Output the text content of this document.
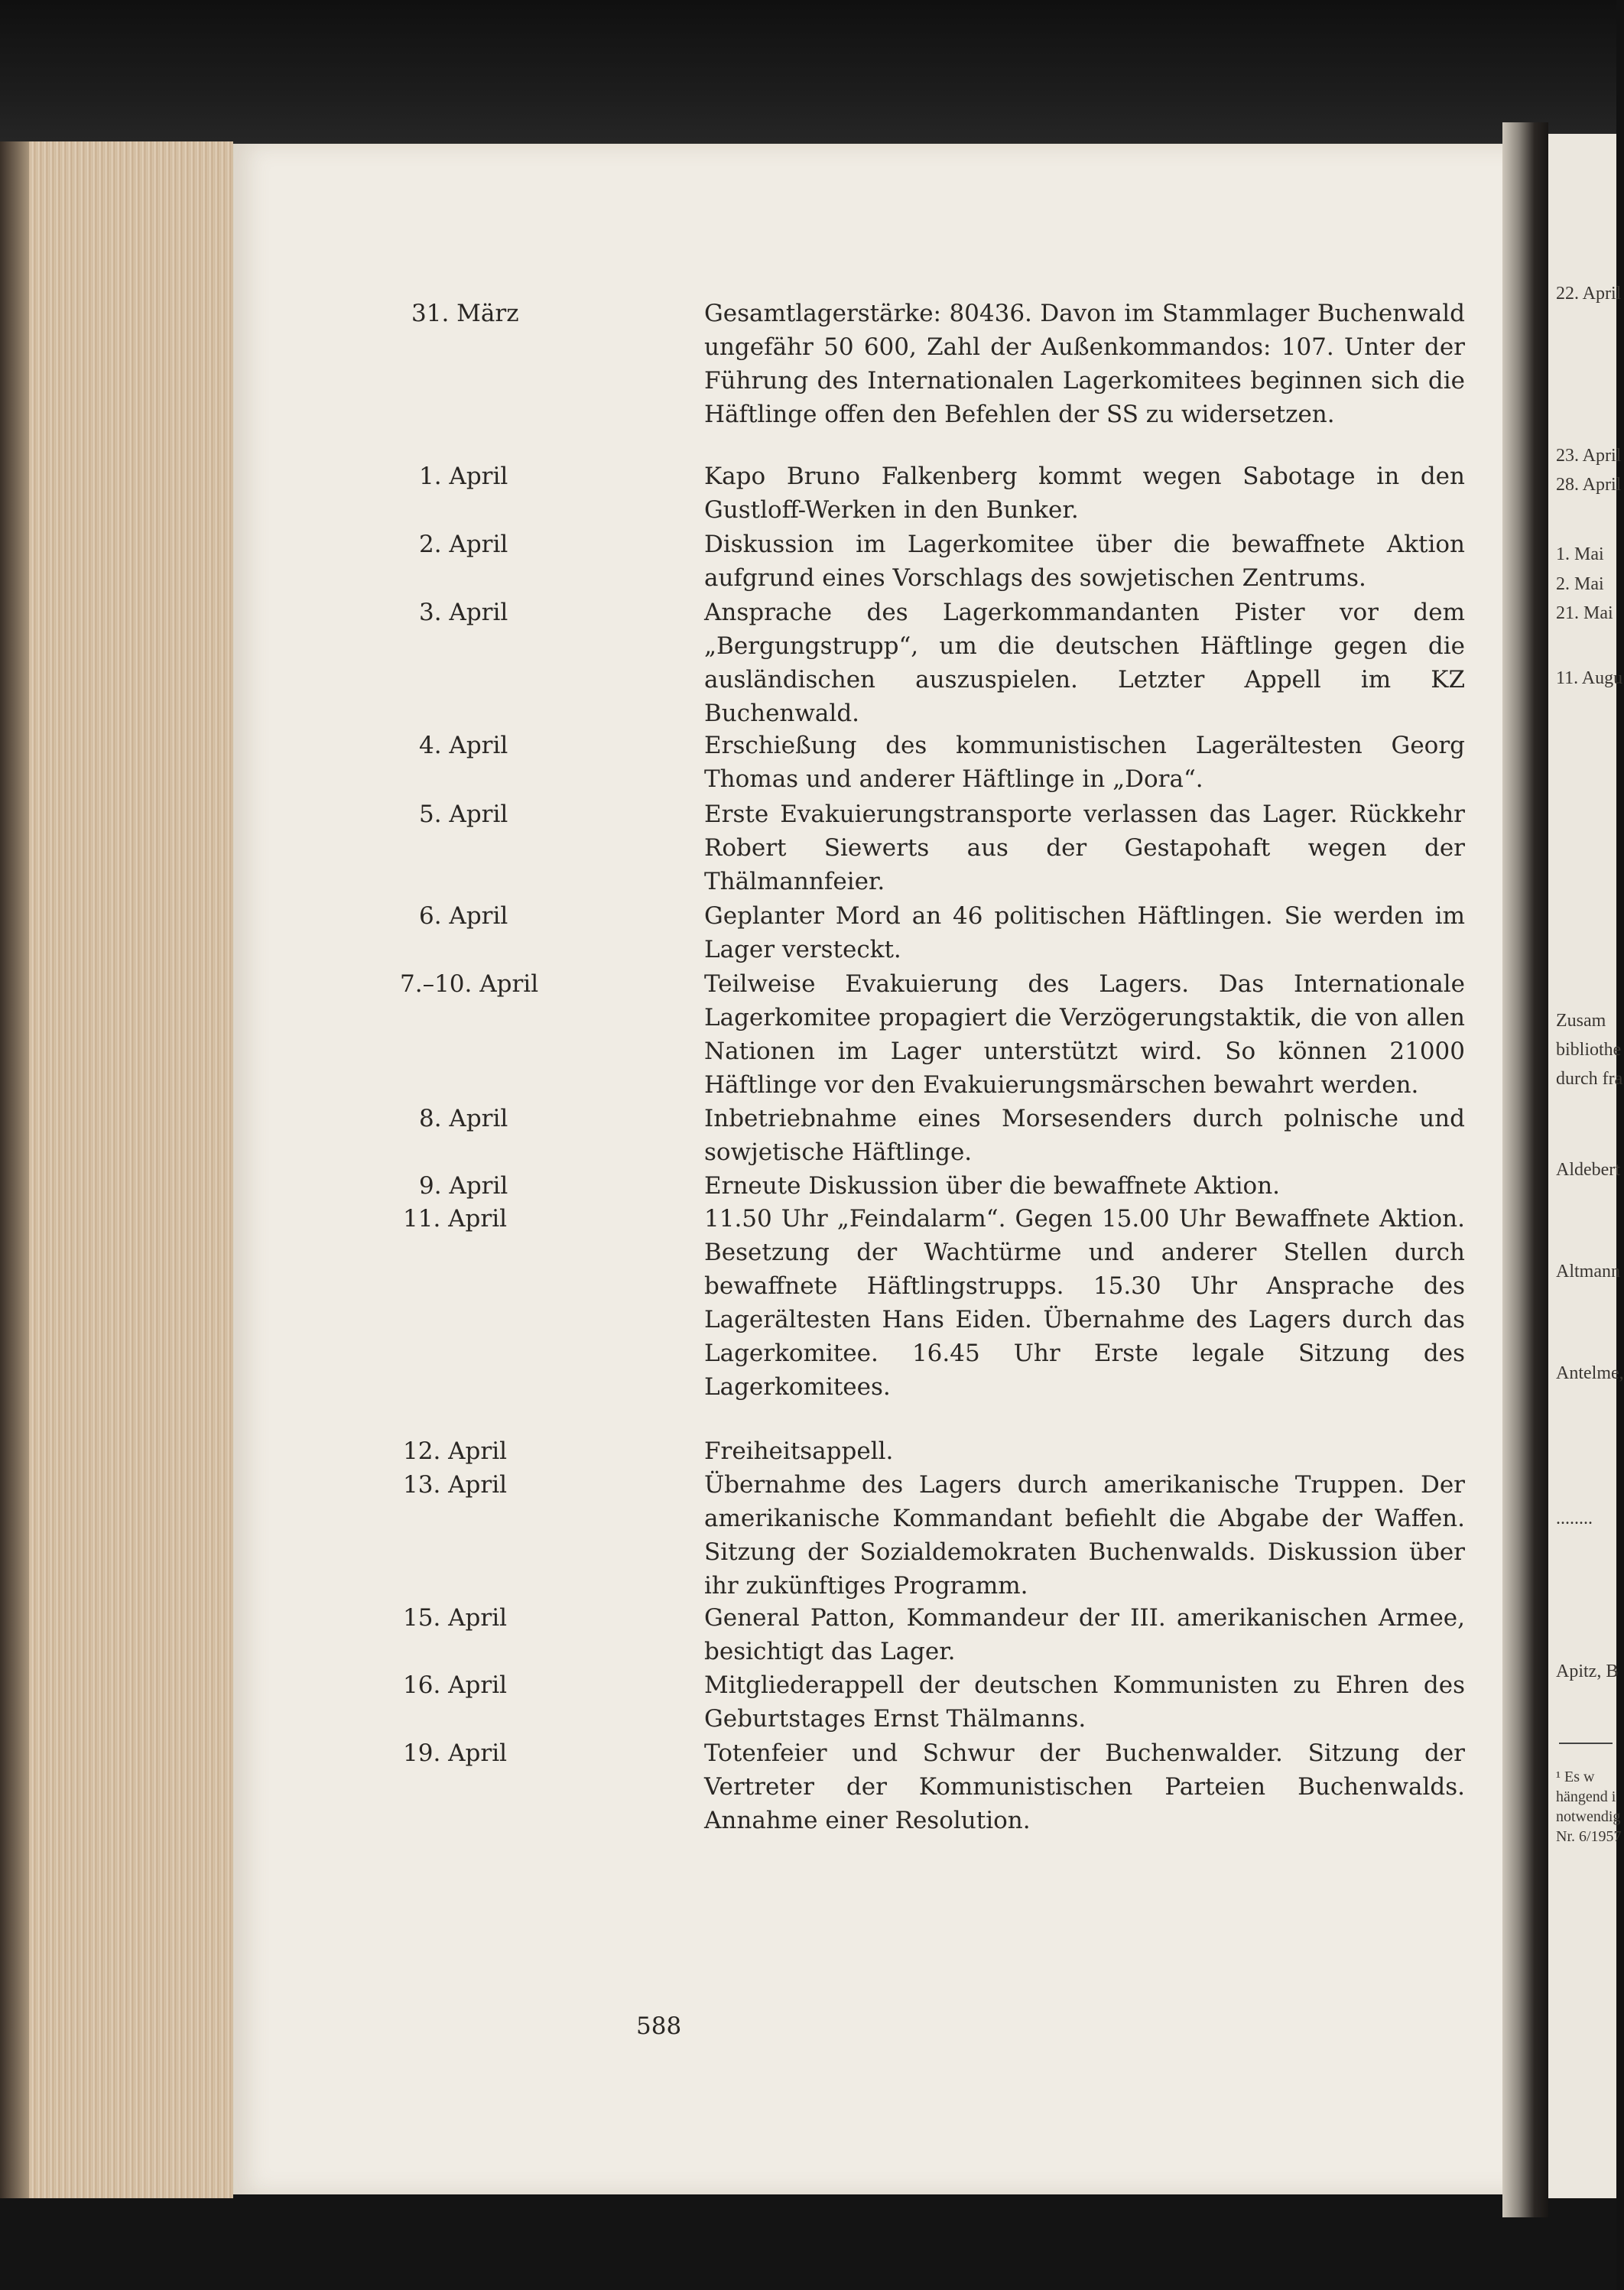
31. März	Gesamtlagerstärke: 80436. Davon im Stammlager Buchenwald ungefähr 50 600, Zahl der Außenkommandos: 107. Unter der Führung des Internationalen Lagerkomitees beginnen sich die Häftlinge offen den Befehlen der SS zu widersetzen.
1. April	Kapo Bruno Falkenberg kommt wegen Sabotage in den Gustloff-Werken in den Bunker.
2. April	Diskussion im Lagerkomitee über die bewaffnete Aktion aufgrund eines Vorschlags des sowjetischen Zentrums.
3. April	Ansprache des Lagerkommandanten Pister vor dem „Bergungstrupp“, um die deutschen Häftlinge gegen die ausländischen auszuspielen. Letzter Appell im KZ Buchenwald.
4. April	Erschießung des kommunistischen Lagerältesten Georg Thomas und anderer Häftlinge in „Dora“.
5. April	Erste Evakuierungstransporte verlassen das Lager. Rückkehr Robert Siewerts aus der Gestapohaft wegen der Thälmannfeier.
6. April	Geplanter Mord an 46 politischen Häftlingen. Sie werden im Lager versteckt.
7.–10. April	Teilweise Evakuierung des Lagers. Das Internationale Lagerkomitee propagiert die Verzögerungstaktik, die von allen Nationen im Lager unterstützt wird. So können 21000 Häftlinge vor den Evakuierungsmärschen bewahrt werden.
8. April	Inbetriebnahme eines Morsesenders durch polnische und sowjetische Häftlinge.
9. April	Erneute Diskussion über die bewaffnete Aktion.
11. April	11.50 Uhr „Feindalarm“. Gegen 15.00 Uhr Bewaffnete Aktion. Besetzung der Wachtürme und anderer Stellen durch bewaffnete Häftlingstrupps. 15.30 Uhr Ansprache des Lagerältesten Hans Eiden. Übernahme des Lagers durch das Lagerkomitee. 16.45 Uhr Erste legale Sitzung des Lagerkomitees.
12. April	Freiheitsappell.
13. April	Übernahme des Lagers durch amerikanische Truppen. Der amerikanische Kommandant befiehlt die Abgabe der Waffen. Sitzung der Sozialdemokraten Buchenwalds. Diskussion über ihr zukünftiges Programm.
15. April	General Patton, Kommandeur der III. amerikanischen Armee, besichtigt das Lager.
16. April	Mitgliederappell der deutschen Kommunisten zu Ehren des Geburtstages Ernst Thälmanns.
19. April	Totenfeier und Schwur der Buchenwalder. Sitzung der Vertreter der Kommunistischen Parteien Buchenwalds. Annahme einer Resolution.
588
22. April
23. April
28. April
1. Mai
2. Mai
21. Mai
11. Augu
Zusam
bibliothe
durch fra
Aldebert
Altmann
Antelme,
........
Apitz, B
¹ Es w
hängend i
notwendig
Nr. 6/1957
